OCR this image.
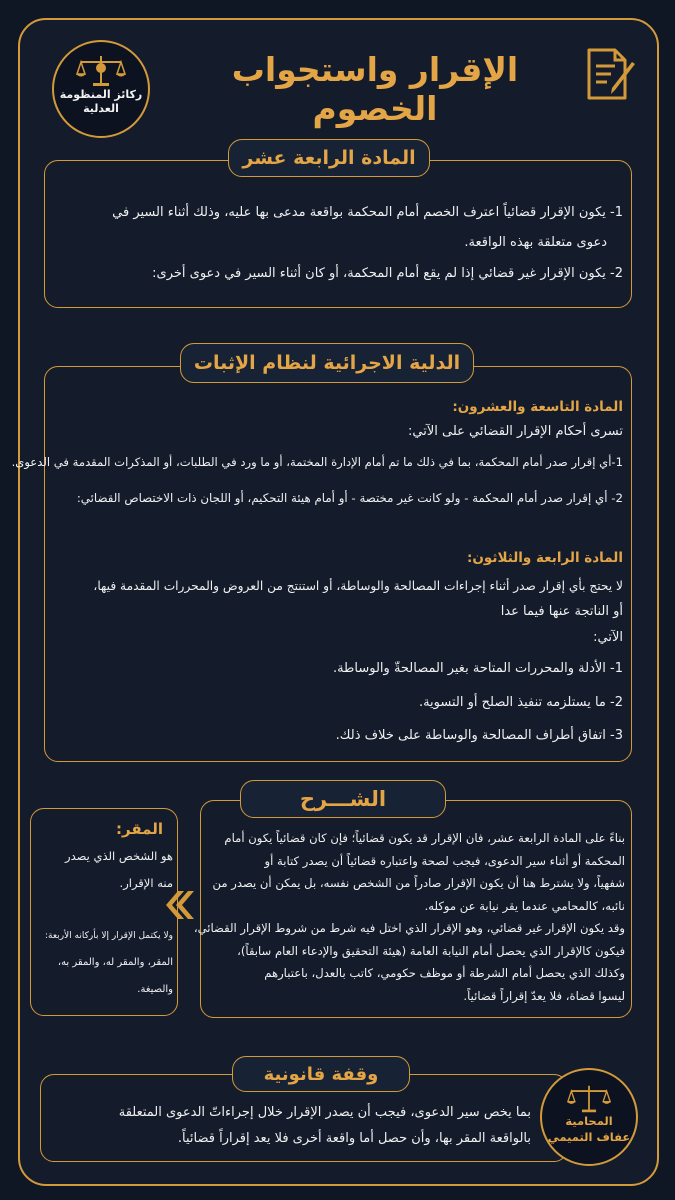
ركائز المنظومة
العدلية
الإقرار واستجواب الخصوم
المادة الرابعة عشر
1- يكون الإقرار قضائياً اعترف الخصم أمام المحكمة بواقعة مدعى بها عليه، وذلك أثناء السير في
دعوى متعلقة بهذه الواقعة.
2- يكون الإقرار غير قضائي إذا لم يقع أمام المحكمة، أو كان أثناء السير في دعوى أخرى:
الدلية الاجرائية لنظام الإثبات
المادة التاسعة والعشرون:
تسرى أحكام الإقرار القضائي على الآتي:
1-أي إقرار صدر أمام المحكمة، بما في ذلك ما تم أمام الإدارة المختمة، أو ما ورد في الطلبات، أو المذكرات المقدمة في الدعوى.
2- أي إقرار صدر أمام المحكمة - ولو كانت غير مختصة - أو أمام هيئة التحكيم، أو اللجان ذات الاختصاص القضائي:
المادة الرابعة والثلاثون:
لا يحتج بأي إقرار صدر أثناء إجراءات المصالحة والوساطة، أو استنتج من العروض والمحررات المقدمة فيها،
أو الناتجة عنها فيما عدا
الآتي:
1- الأدلة والمحررات المتاحة بغير المصالحةّ والوساطة.
2- ما يستلزمه تنفيذ الصلح أو التسوية.
3- اتفاق أطراف المصالحة والوساطة على خلاف ذلك.
الشـــرح
بناءً على المادة الرابعة عشر، فان الإقرار قد يكون قضائياً؛ فإن كان قضائياً يكون أمام
المحكمة أو أثناء سير الدعوى، فيجب لصحة واعتباره قضائياً أن يصدر كتابة أو
شفهياً، ولا يشترط هنا أن يكون الإقرار صادراً من الشخص نفسه، بل يمكن أن يصدر من
نائبه، كالمحامي عندما يقر نيابة عن موكله.
وقد يكون الإقرار غير قضائي، وهو الإقرار الذي اختل فيه شرط من شروط الإقرار القضائي،
فيكون كالإقرار الذي يحصل أمام النيابة العامة (هيئة التحقيق والإدعاء العام سابقاً)،
وكذلك الذي يحصل أمام الشرطة أو موظف حكومي، كاتب بالعدل، باعتبارهم
ليسوا قضاة، فلا يعدّ إقراراً قضائياً.
المقر:
هو الشخص الذي يصدر
منه الإقرار.
ولا يكتمل الإقرار إلا بأركانه الأربعة:
المقر، والمقر له، والمقر به،
والصيغة.
وقفة قانونية
بما يخص سير الدعوى، فيجب أن يصدر الإقرار خلال إجراءاتّ الدعوى المتعلقة
بالواقعة المقر بها، وأن حصل أما واقعة أخرى فلا يعد إقراراً قضائياً.
المحامية
عفاف التميمي
